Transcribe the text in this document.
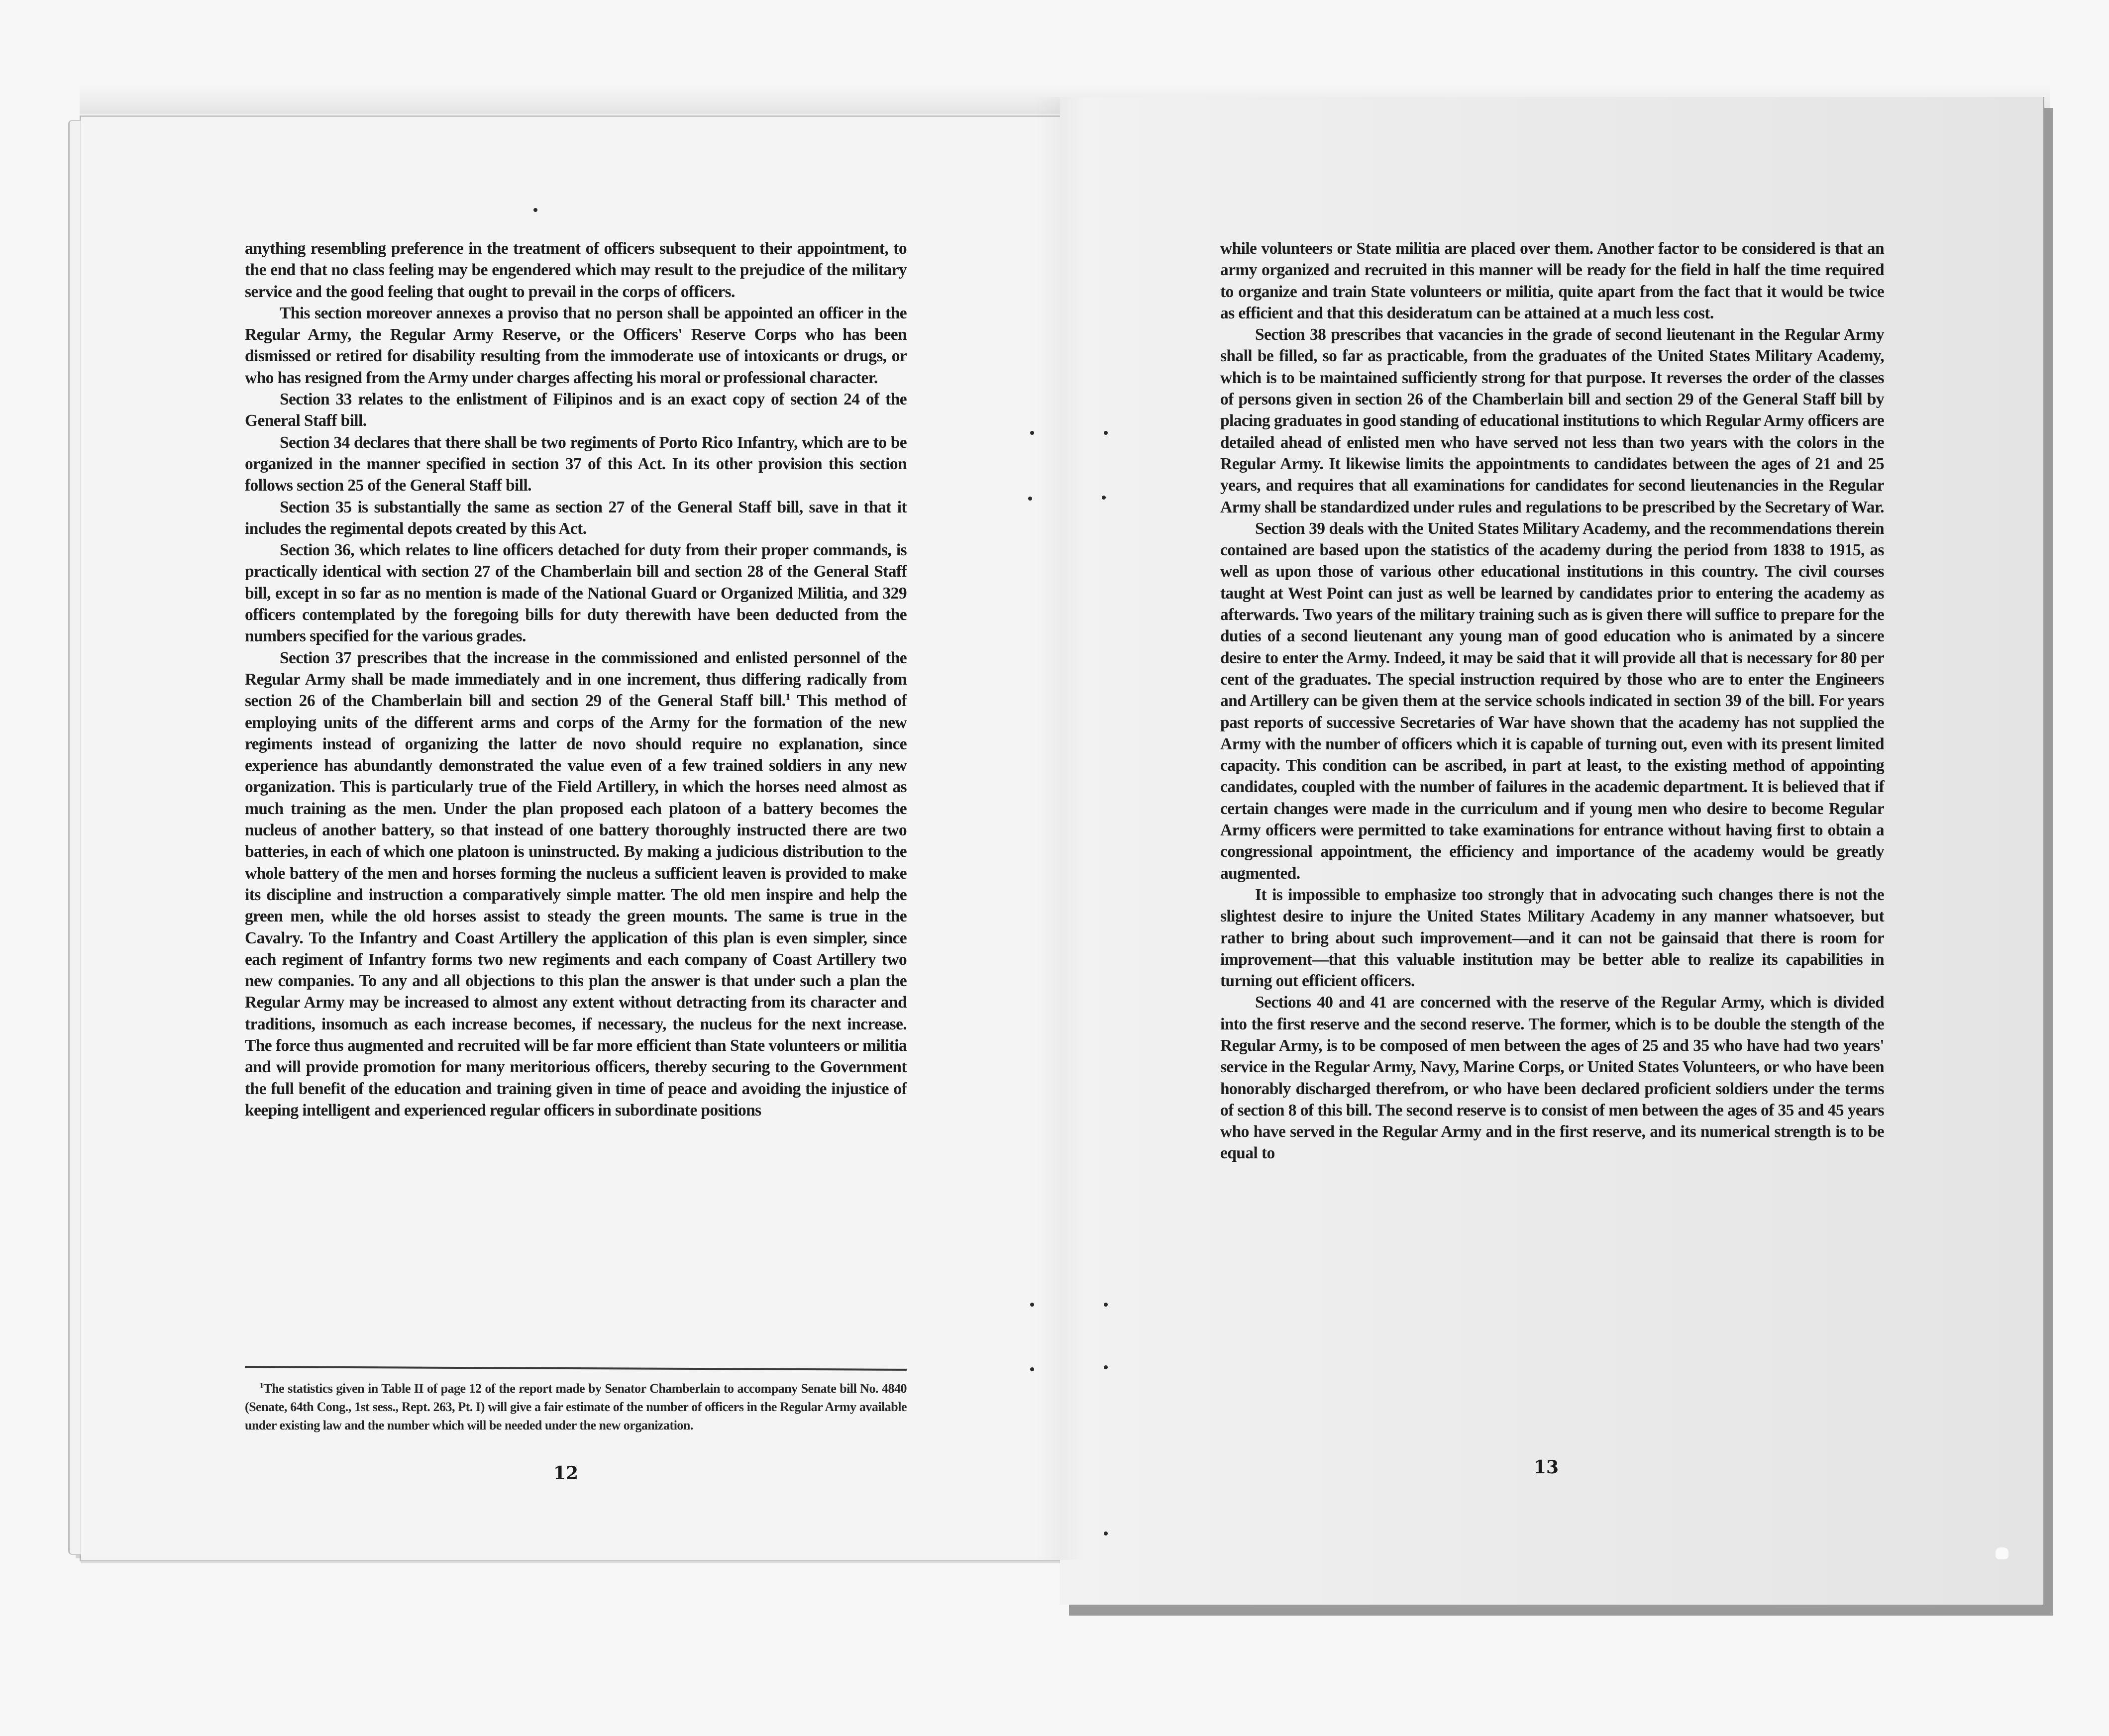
anything resembling preference in the treatment of officers subsequent to their appointment, to the end that no class feeling may be engendered which may result to the prejudice of the military service and the good feeling that ought to prevail in the corps of officers.

This section moreover annexes a proviso that no person shall be appointed an officer in the Regular Army, the Regular Army Reserve, or the Officers' Reserve Corps who has been dismissed or retired for disability resulting from the immoderate use of intoxicants or drugs, or who has resigned from the Army under charges affecting his moral or professional character.

Section 33 relates to the enlistment of Filipinos and is an exact copy of section 24 of the General Staff bill.

Section 34 declares that there shall be two regiments of Porto Rico Infantry, which are to be organized in the manner specified in section 37 of this Act. In its other provision this section follows section 25 of the General Staff bill.

Section 35 is substantially the same as section 27 of the General Staff bill, save in that it includes the regimental depots created by this Act.

Section 36, which relates to line officers detached for duty from their proper commands, is practically identical with section 27 of the Chamberlain bill and section 28 of the General Staff bill, except in so far as no mention is made of the National Guard or Organized Militia, and 329 officers contemplated by the foregoing bills for duty therewith have been deducted from the numbers specified for the various grades.

Section 37 prescribes that the increase in the commissioned and enlisted personnel of the Regular Army shall be made immediately and in one increment, thus differing radically from section 26 of the Chamberlain bill and section 29 of the General Staff bill.$^1$ This method of employing units of the different arms and corps of the Army for the formation of the new regiments instead of organizing the latter de novo should require no explanation, since experience has abundantly demonstrated the value even of a few trained soldiers in any new organization. This is particularly true of the Field Artillery, in which the horses need almost as much training as the men. Under the plan proposed each platoon of a battery becomes the nucleus of another battery, so that instead of one battery thoroughly instructed there are two batteries, in each of which one platoon is uninstructed. By making a judicious distribution to the whole battery of the men and horses forming the nucleus a sufficient leaven is provided to make its discipline and instruction a comparatively simple matter. The old men inspire and help the green men, while the old horses assist to steady the green mounts. The same is true in the Cavalry. To the Infantry and Coast Artillery the application of this plan is even simpler, since each regiment of Infantry forms two new regiments and each company of Coast Artillery two new companies. To any and all objections to this plan the answer is that under such a plan the Regular Army may be increased to almost any extent without detracting from its character and traditions, insomuch as each increase becomes, if necessary, the nucleus for the next increase. The force thus augmented and recruited will be far more efficient than State volunteers or militia and will provide promotion for many meritorious officers, thereby securing to the Government the full benefit of the education and training given in time of peace and avoiding the injustice of keeping intelligent and experienced regular officers in subordinate positions

$^1$The statistics given in Table II of page 12 of the report made by Senator Chamberlain to accompany Senate bill No. 4840 (Senate, 64th Cong., 1st sess., Rept. 263, Pt. I) will give a fair estimate of the number of officers in the Regular Army available under existing law and the number which will be needed under the new organization.

12

while volunteers or State militia are placed over them. Another factor to be considered is that an army organized and recruited in this manner will be ready for the field in half the time required to organize and train State volunteers or militia, quite apart from the fact that it would be twice as efficient and that this desideratum can be attained at a much less cost.

Section 38 prescribes that vacancies in the grade of second lieutenant in the Regular Army shall be filled, so far as practicable, from the graduates of the United States Military Academy, which is to be maintained sufficiently strong for that purpose. It reverses the order of the classes of persons given in section 26 of the Chamberlain bill and section 29 of the General Staff bill by placing graduates in good standing of educational institutions to which Regular Army officers are detailed ahead of enlisted men who have served not less than two years with the colors in the Regular Army. It likewise limits the appointments to candidates between the ages of 21 and 25 years, and requires that all examinations for candidates for second lieutenancies in the Regular Army shall be standardized under rules and regulations to be prescribed by the Secretary of War.

Section 39 deals with the United States Military Academy, and the recommendations therein contained are based upon the statistics of the academy during the period from 1838 to 1915, as well as upon those of various other educational institutions in this country. The civil courses taught at West Point can just as well be learned by candidates prior to entering the academy as afterwards. Two years of the military training such as is given there will suffice to prepare for the duties of a second lieutenant any young man of good education who is animated by a sincere desire to enter the Army. Indeed, it may be said that it will provide all that is necessary for 80 per cent of the graduates. The special instruction required by those who are to enter the Engineers and Artillery can be given them at the service schools indicated in section 39 of the bill. For years past reports of successive Secretaries of War have shown that the academy has not supplied the Army with the number of officers which it is capable of turning out, even with its present limited capacity. This condition can be ascribed, in part at least, to the existing method of appointing candidates, coupled with the number of failures in the academic department. It is believed that if certain changes were made in the curriculum and if young men who desire to become Regular Army officers were permitted to take examinations for entrance without having first to obtain a congressional appointment, the efficiency and importance of the academy would be greatly augmented.

It is impossible to emphasize too strongly that in advocating such changes there is not the slightest desire to injure the United States Military Academy in any manner whatsoever, but rather to bring about such improvement—and it can not be gainsaid that there is room for improvement—that this valuable institution may be better able to realize its capabilities in turning out efficient officers.

Sections 40 and 41 are concerned with the reserve of the Regular Army, which is divided into the first reserve and the second reserve. The former, which is to be double the stength of the Regular Army, is to be composed of men between the ages of 25 and 35 who have had two years' service in the Regular Army, Navy, Marine Corps, or United States Volunteers, or who have been honorably discharged therefrom, or who have been declared proficient soldiers under the terms of section 8 of this bill. The second reserve is to consist of men between the ages of 35 and 45 years who have served in the Regular Army and in the first reserve, and its numerical strength is to be equal to

13
